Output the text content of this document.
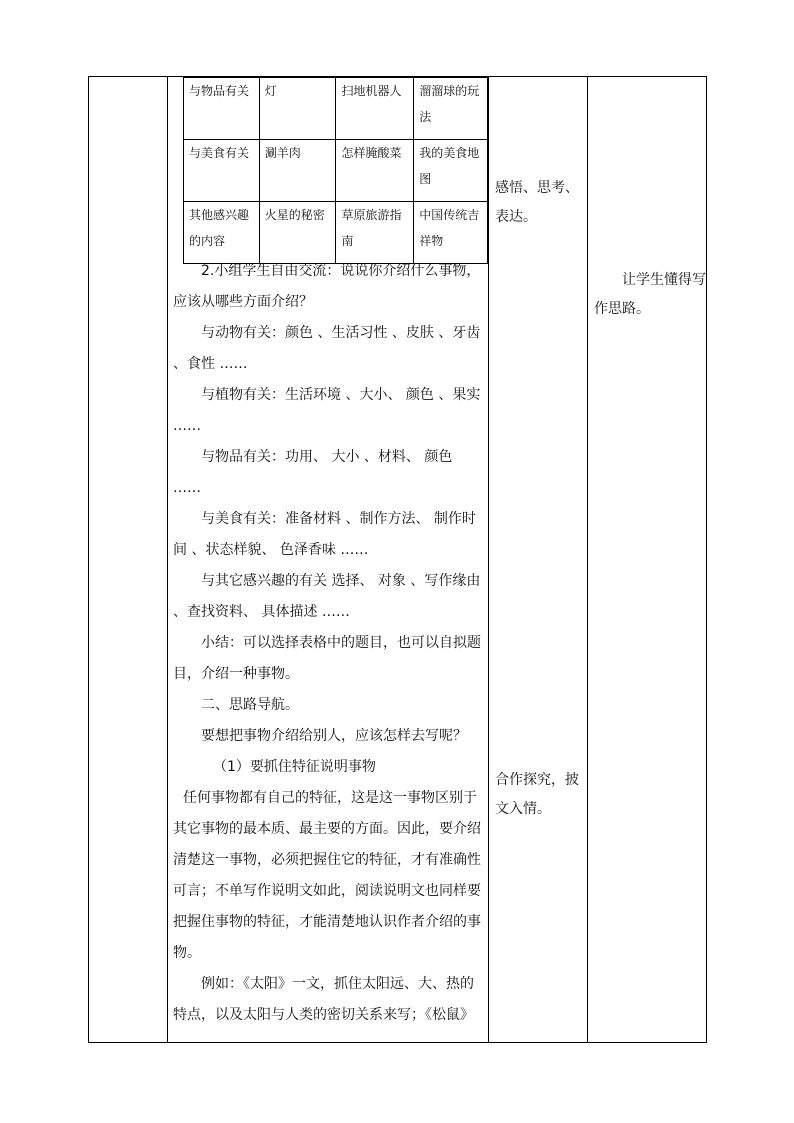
与物品有关	灯	扫地机器人	溜溜球的玩法
与美食有关	涮羊肉	怎样腌酸菜	我的美食地图
其他感兴趣的内容	火星的秘密	草原旅游指南	中国传统吉祥物

2.小组学生自由交流：说说你介绍什么事物，应该从哪些方面介绍？

与动物有关：颜色 、生活习性 、皮肤 、牙齿 、食性 ……

与植物有关：生活环境 、大小、 颜色 、果实 ……

与物品有关：功用、 大小 、材料、 颜色 ……

与美食有关：准备材料 、制作方法、 制作时间 、状态样貌、 色泽香味 ……

与其它感兴趣的有关 选择、 对象 、写作缘由 、查找资料、 具体描述 ……

小结：可以选择表格中的题目，也可以自拟题目，介绍一种事物。

二、思路导航。

要想把事物介绍给别人，应该怎样去写呢？

（1）要抓住特征说明事物

任何事物都有自己的特征，这是这一事物区别于其它事物的最本质、最主要的方面。因此，要介绍清楚这一事物，必须把握住它的特征，才有准确性可言；不单写作说明文如此，阅读说明文也同样要把握住事物的特征，才能清楚地认识作者介绍的事物。

例如：《太阳》一文，抓住太阳远、大、热的特点，以及太阳与人类的密切关系来写；《松鼠》

感悟、思考、表达。

合作探究，披文入情。

让学生懂得写作思路。
